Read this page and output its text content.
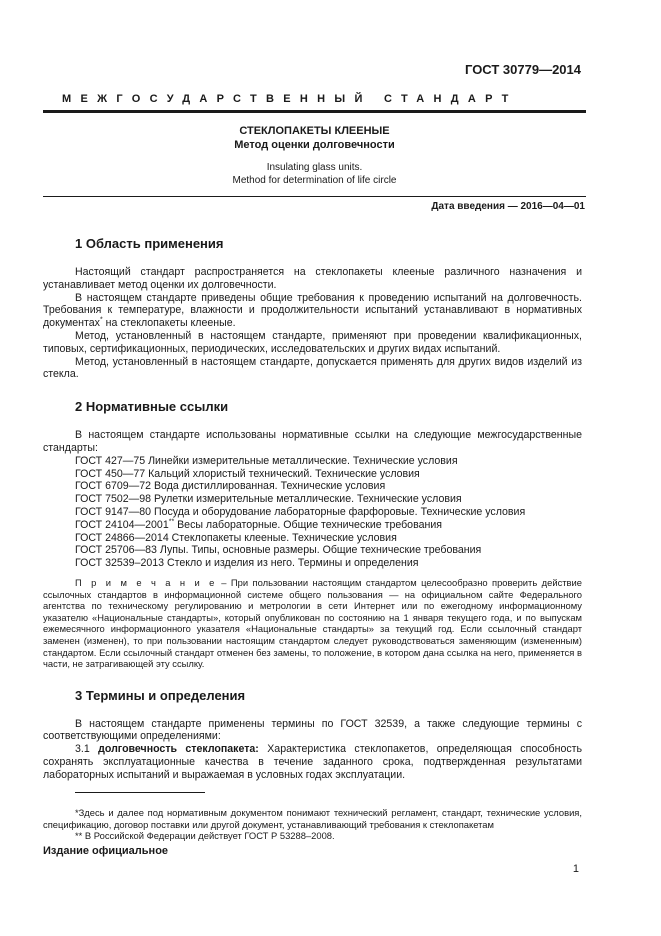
ГОСТ 30779—2014
МЕЖГОСУДАРСТВЕННЫЙ СТАНДАРТ
СТЕКЛОПАКЕТЫ КЛЕЕНЫЕ
Метод оценки долговечности
Insulating glass units.
Method for determination of life circle
Дата введения — 2016—04—01
1 Область применения

Настоящий стандарт распространяется на стеклопакеты клееные различного назначения и устанавливает метод оценки их долговечности.

В настоящем стандарте приведены общие требования к проведению испытаний на долговечность. Требования к температуре, влажности и продолжительности испытаний устанавливают в нормативных документах* на стеклопакеты клееные.

Метод, установленный в настоящем стандарте, применяют при проведении квалификационных, типовых, сертификационных, периодических, исследовательских и других видах испытаний.

Метод, установленный в настоящем стандарте, допускается применять для других видов изделий из стекла.

2 Нормативные ссылки

В настоящем стандарте использованы нормативные ссылки на следующие межгосударственные стандарты:

ГОСТ 427—75 Линейки измерительные металлические. Технические условия
ГОСТ 450—77 Кальций хлористый технический. Технические условия
ГОСТ 6709—72 Вода дистиллированная. Технические условия
ГОСТ 7502—98 Рулетки измерительные металлические. Технические условия
ГОСТ 9147—80 Посуда и оборудование лабораторные фарфоровые. Технические условия
ГОСТ 24104—2001** Весы лабораторные. Общие технические требования
ГОСТ 24866—2014 Стеклопакеты клееные. Технические условия
ГОСТ 25706—83 Лупы. Типы, основные размеры. Общие технические требования
ГОСТ 32539–2013 Стекло и изделия из него. Термины и определения

П р и м е ч а н и е – При пользовании настоящим стандартом целесообразно проверить действие ссылочных стандартов в информационной системе общего пользования — на официальном сайте Федерального агентства по техническому регулированию и метрологии в сети Интернет или по ежегодному информационному указателю «Национальные стандарты», который опубликован по состоянию на 1 января текущего года, и по выпускам ежемесячного информационного указателя «Национальные стандарты» за текущий год. Если ссылочный стандарт заменен (изменен), то при пользовании настоящим стандартом следует руководствоваться заменяющим (измененным) стандартом. Если ссылочный стандарт отменен без замены, то положение, в котором дана ссылка на него, применяется в части, не затрагивающей эту ссылку.

3 Термины и определения

В настоящем стандарте применены термины по ГОСТ 32539, а также следующие термины с соответствующими определениями:

3.1 долговечность стеклопакета: Характеристика стеклопакетов, определяющая способность сохранять эксплуатационные качества в течение заданного срока, подтвержденная результатами лабораторных испытаний и выражаемая в условных годах эксплуатации.

*Здесь и далее под нормативным документом понимают технический регламент, стандарт, технические условия, спецификацию, договор поставки или другой документ, устанавливающий требования к стеклопакетам

** В Российской Федерации действует ГОСТ Р 53288–2008.

Издание официальное
1
